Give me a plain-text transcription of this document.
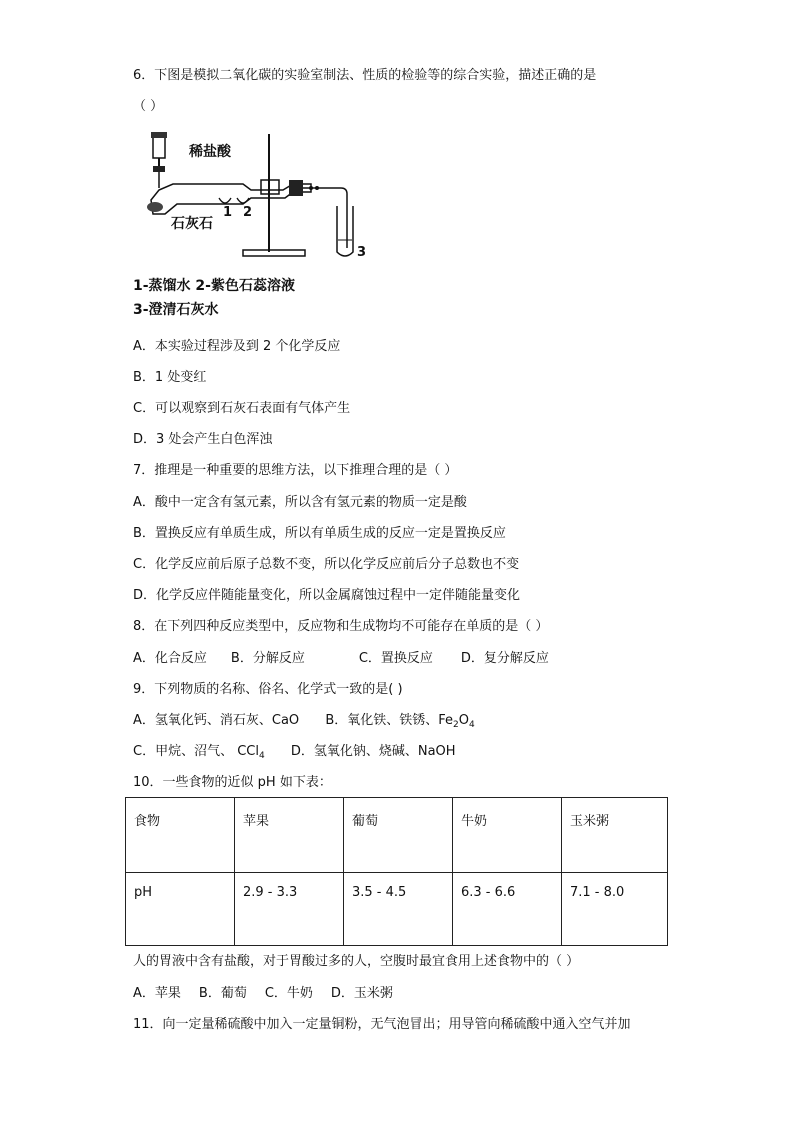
6．下图是模拟二氧化碳的实验室制法、性质的检验等的综合实验，描述正确的是
（ ）
稀盐酸
石灰石
1 2
3
1-蒸馏水 2-紫色石蕊溶液
3-澄清石灰水
A．本实验过程涉及到 2 个化学反应
B．1 处变红
C．可以观察到石灰石表面有气体产生
D．3 处会产生白色浑浊
7．推理是一种重要的思维方法，以下推理合理的是（ ）
A．酸中一定含有氢元素，所以含有氢元素的物质一定是酸
B．置换反应有单质生成，所以有单质生成的反应一定是置换反应
C．化学反应前后原子总数不变，所以化学反应前后分子总数也不变
D．化学反应伴随能量变化，所以金属腐蚀过程中一定伴随能量变化
8．在下列四种反应类型中，反应物和生成物均不可能存在单质的是（ ）
A．化合反应 B．分解反应	C．置换反应 D．复分解反应
9．下列物质的名称、俗名、化学式一致的是( )
A．氢氧化钙、消石灰、CaO B．氧化铁、铁锈、Fe2O4
C．甲烷、沼气、 CCl4 D．氢氧化钠、烧碱、NaOH
10．一些食物的近似 pH 如下表：
食物	苹果	葡萄	牛奶	玉米粥
pH	2.9 - 3.3	3.5 - 4.5	6.3 - 6.6	7.1 - 8.0
人的胃液中含有盐酸，对于胃酸过多的人，空腹时最宜食用上述食物中的（ ）
A．苹果 B．葡萄 C．牛奶 D．玉米粥
11．向一定量稀硫酸中加入一定量铜粉，无气泡冒出；用导管向稀硫酸中通入空气并加
